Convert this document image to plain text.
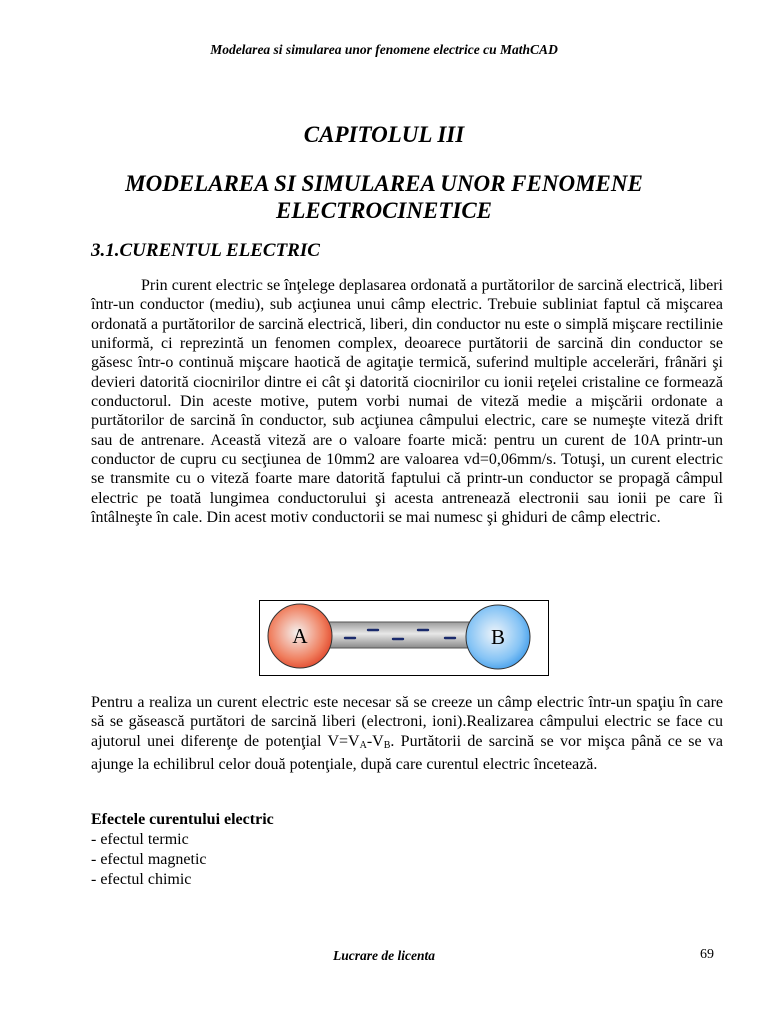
Modelarea si simularea unor fenomene electrice cu MathCAD
CAPITOLUL III
MODELAREA SI SIMULAREA UNOR FENOMENE ELECTROCINETICE
3.1.CURENTUL ELECTRIC
Prin curent electric se înţelege deplasarea ordonată a purtătorilor de sarcină electrică, liberi într-un conductor (mediu), sub acţiunea unui câmp electric. Trebuie subliniat faptul că mişcarea ordonată a purtătorilor de sarcină electrică, liberi, din conductor nu este o simplă mişcare rectilinie uniformă, ci reprezintă un fenomen complex, deoarece purtătorii de sarcină din conductor se găsesc într-o continuă mişcare haotică de agitaţie termică, suferind multiple accelerări, frânări şi devieri datorită ciocnirilor dintre ei cât şi datorită ciocnirilor cu ionii reţelei cristaline ce formează conductorul. Din aceste motive, putem vorbi numai de viteză medie a mişcării ordonate a purtătorilor de sarcină în conductor, sub acţiunea câmpului electric, care se numeşte viteză drift sau de antrenare. Această viteză are o valoare foarte mică: pentru un curent de 10A printr-un conductor de cupru cu secţiunea de 10mm2 are valoarea vd=0,06mm/s. Totuşi, un curent electric se transmite cu o viteză foarte mare datorită faptului că printr-un conductor se propagă câmpul electric pe toată lungimea conductorului şi acesta antrenează electronii sau ionii pe care îi întâlneşte în cale. Din acest motiv conductorii se mai numesc şi ghiduri de câmp electric.
A	B
Pentru a realiza un curent electric este necesar să se creeze un câmp electric într-un spaţiu în care să se găsească purtători de sarcină liberi (electroni, ioni).Realizarea câmpului electric se face cu ajutorul unei diferenţe de potenţial $V=V_A-V_B$. Purtătorii de sarcină se vor mişca până ce se va ajunge la echilibrul celor două potenţiale, după care curentul electric încetează.
Efectele curentului electric
- efectul termic
- efectul magnetic
- efectul chimic
Lucrare de licenta	69
